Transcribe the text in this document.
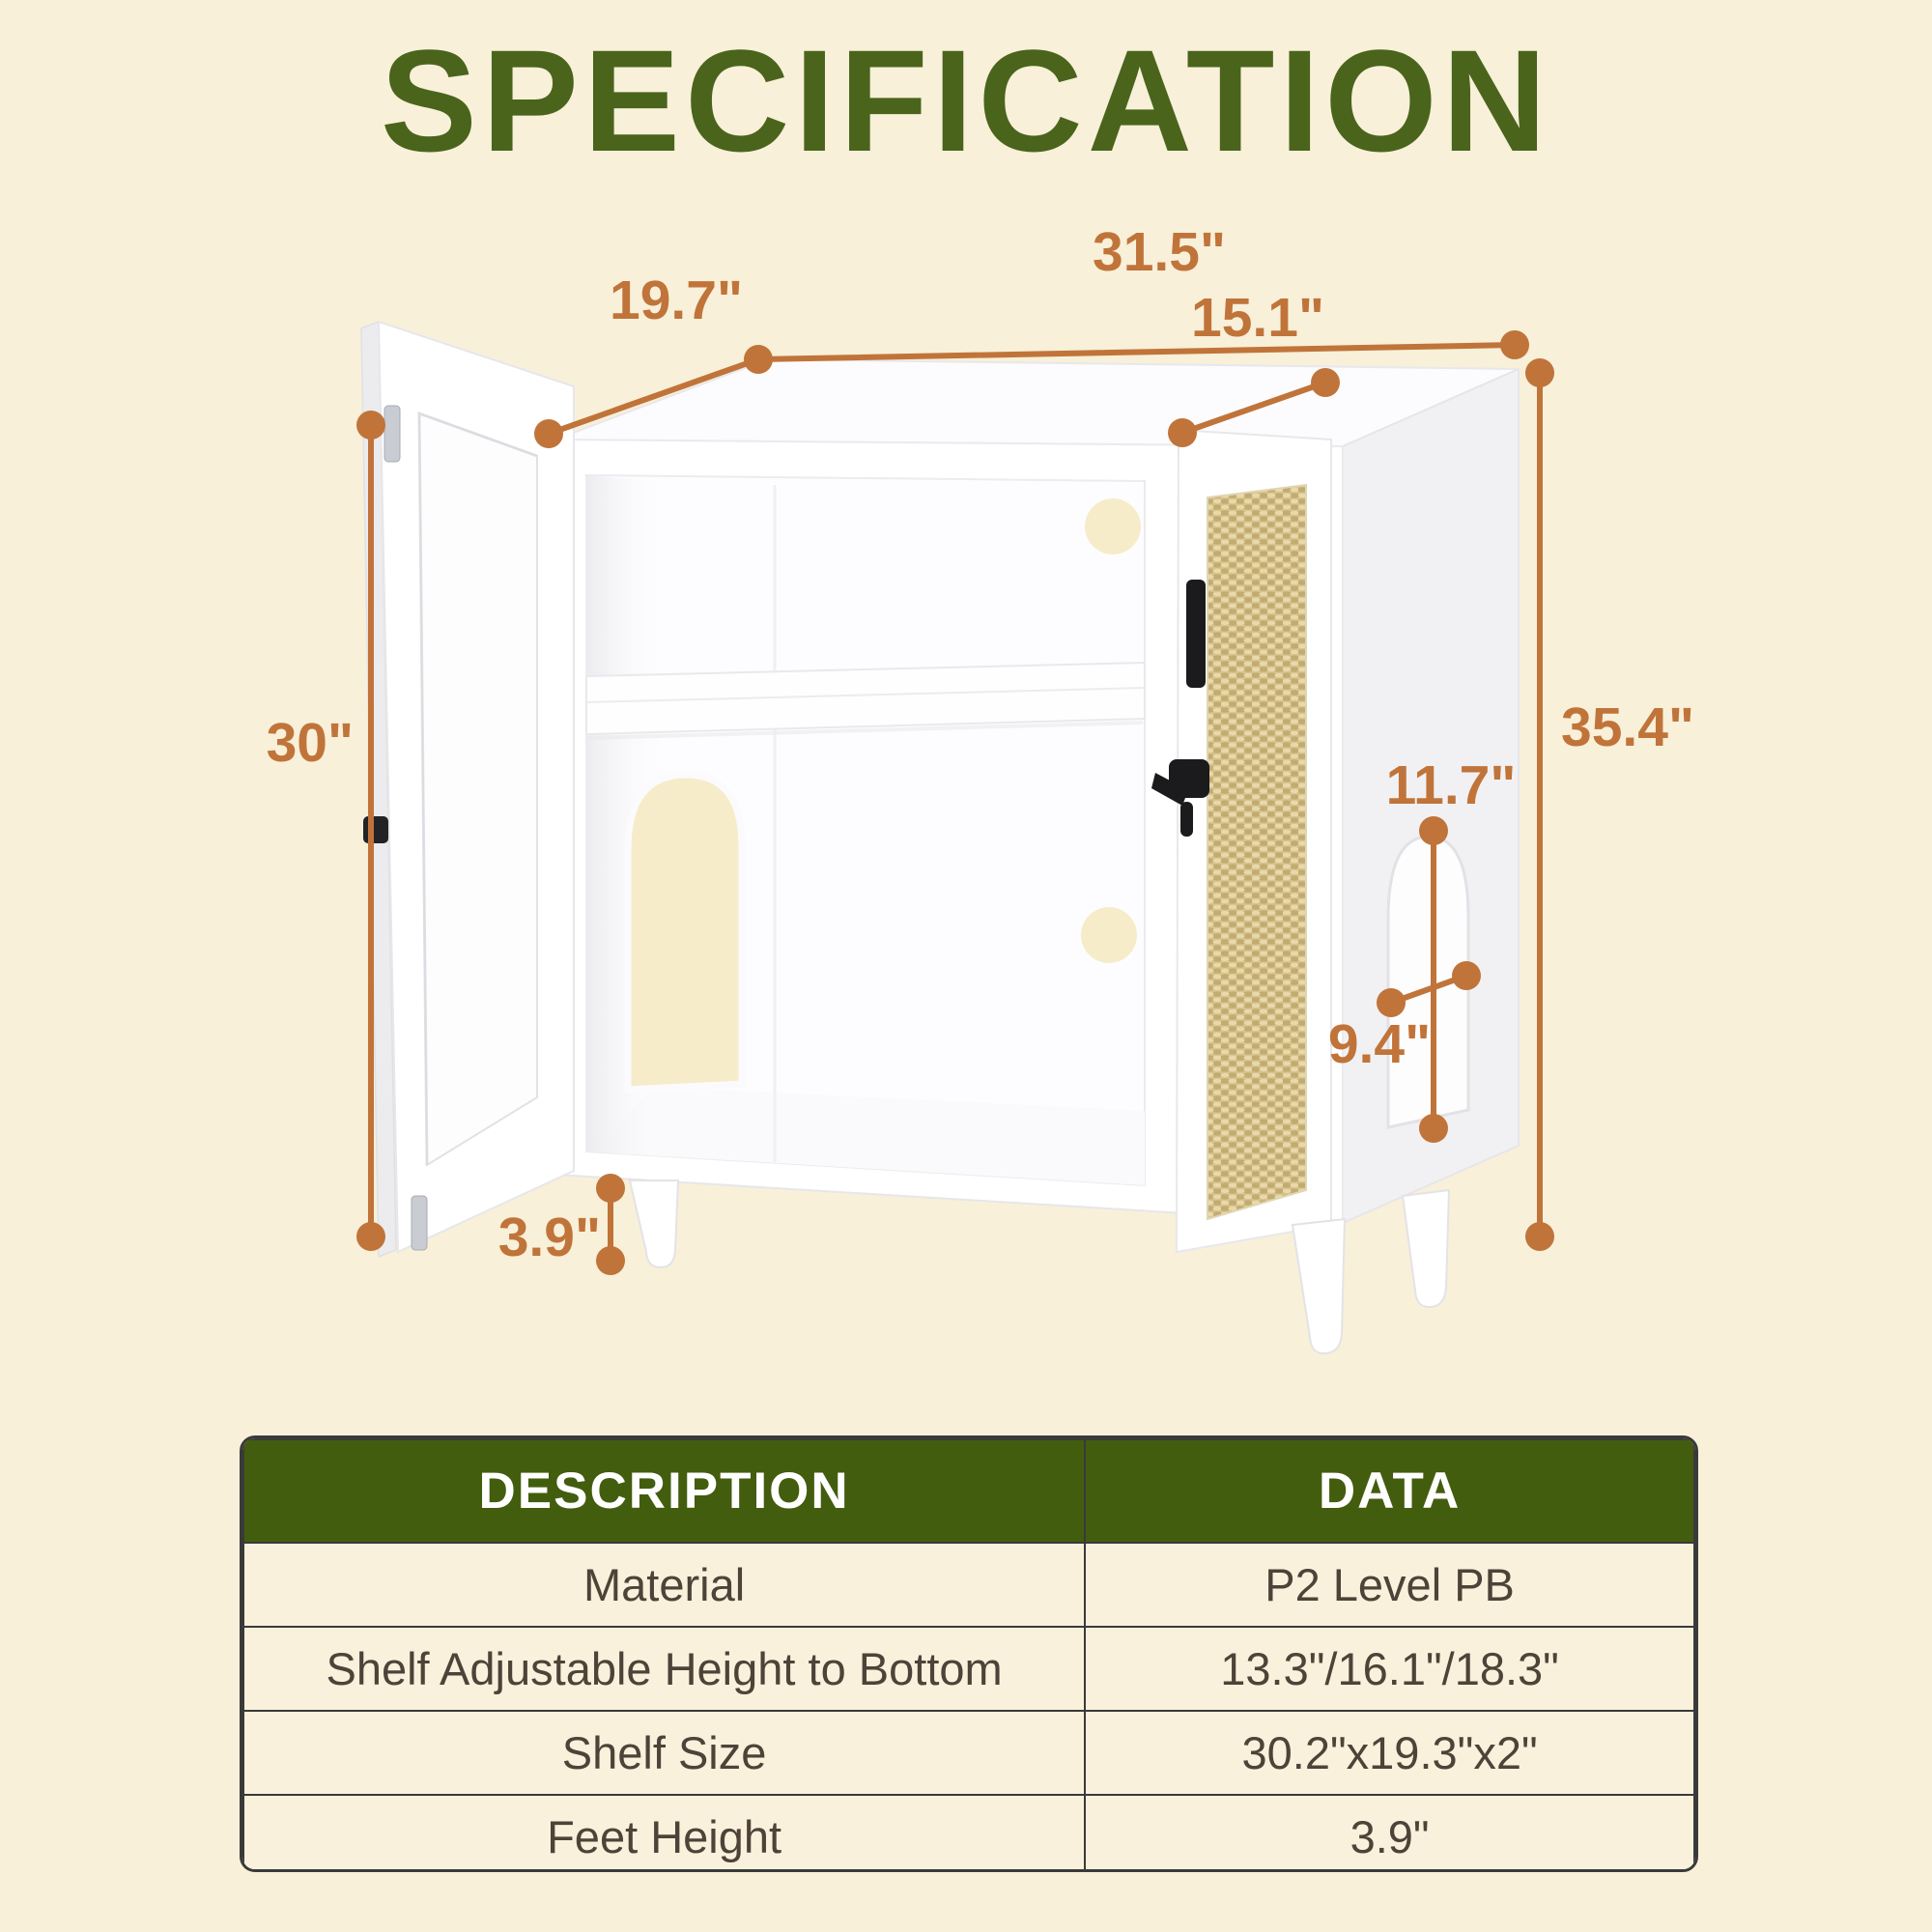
SPECIFICATION
19.7"
31.5"
15.1"
30"	35.4"
11.7"
9.4"
3.9"
DESCRIPTION	DATA
Material	P2 Level PB
Shelf Adjustable Height to Bottom	13.3"/16.1"/18.3"
Shelf Size	30.2"x19.3"x2"
Feet Height	3.9"
